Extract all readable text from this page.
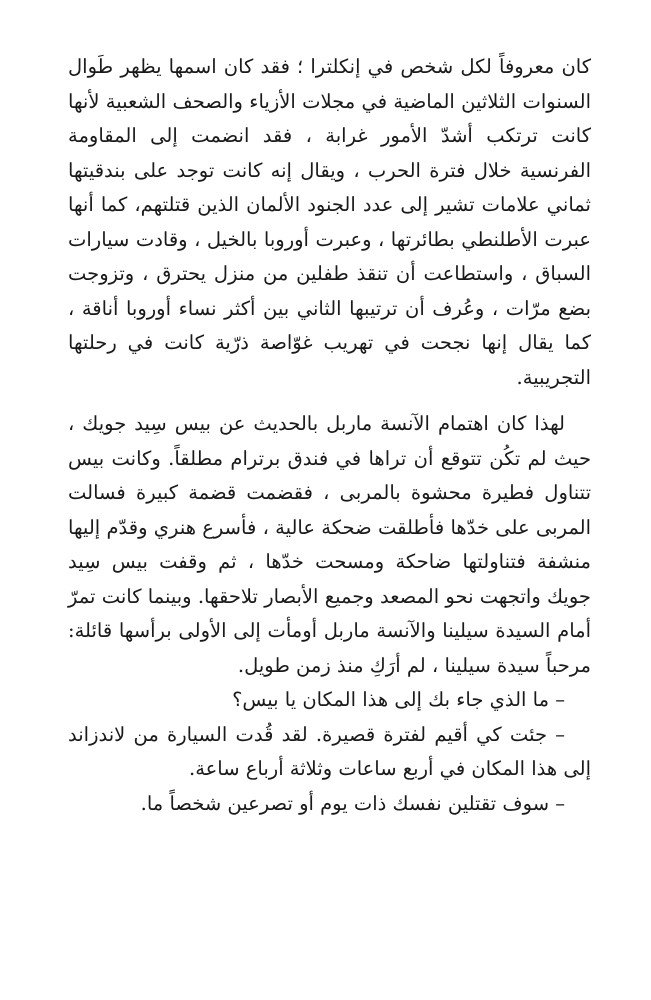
كان معروفاً لكل شخص في إنكلترا ؛ فقد كان اسمها يظهر طَوال السنوات الثلاثين الماضية في مجلات الأزياء والصحف الشعبية لأنها كانت ترتكب أشدّ الأمور غرابة ، فقد انضمت إلى المقاومة الفرنسية خلال فترة الحرب ، ويقال إنه كانت توجد على بندقيتها ثماني علامات تشير إلى عدد الجنود الألمان الذين قتلتهم، كما أنها عبرت الأطلنطي بطائرتها ، وعبرت أوروبا بالخيل ، وقادت سيارات السباق ، واستطاعت أن تنقذ طفلين من منزل يحترق ، وتزوجت بضع مرّات ، وعُرف أن ترتيبها الثاني بين أكثر نساء أوروبا أناقة ، كما يقال إنها نجحت في تهريب غوّاصة ذرّية كانت في رحلتها التجريبية.

لهذا كان اهتمام الآنسة ماربل بالحديث عن بيس سِيد جويك ، حيث لم تكُن تتوقع أن تراها في فندق برترام مطلقاً. وكانت بيس تتناول فطيرة محشوة بالمربى ، فقضمت قضمة كبيرة فسالت المربى على خدّها فأطلقت ضحكة عالية ، فأسرع هنري وقدّم إليها منشفة فتناولتها ضاحكة ومسحت خدّها ، ثم وقفت بيس سِيد جويك واتجهت نحو المصعد وجميع الأبصار تلاحقها. وبينما كانت تمرّ أمام السيدة سيلينا والآنسة ماربل أومأت إلى الأولى برأسها قائلة: مرحباً سيدة سيلينا ، لم أرَكِ منذ زمن طويل.

– ما الذي جاء بك إلى هذا المكان يا بيس؟

– جئت كي أقيم لفترة قصيرة. لقد قُدت السيارة من لاندزاند إلى هذا المكان في أربع ساعات وثلاثة أرباع ساعة.

– سوف تقتلين نفسك ذات يوم أو تصرعين شخصاً ما.
